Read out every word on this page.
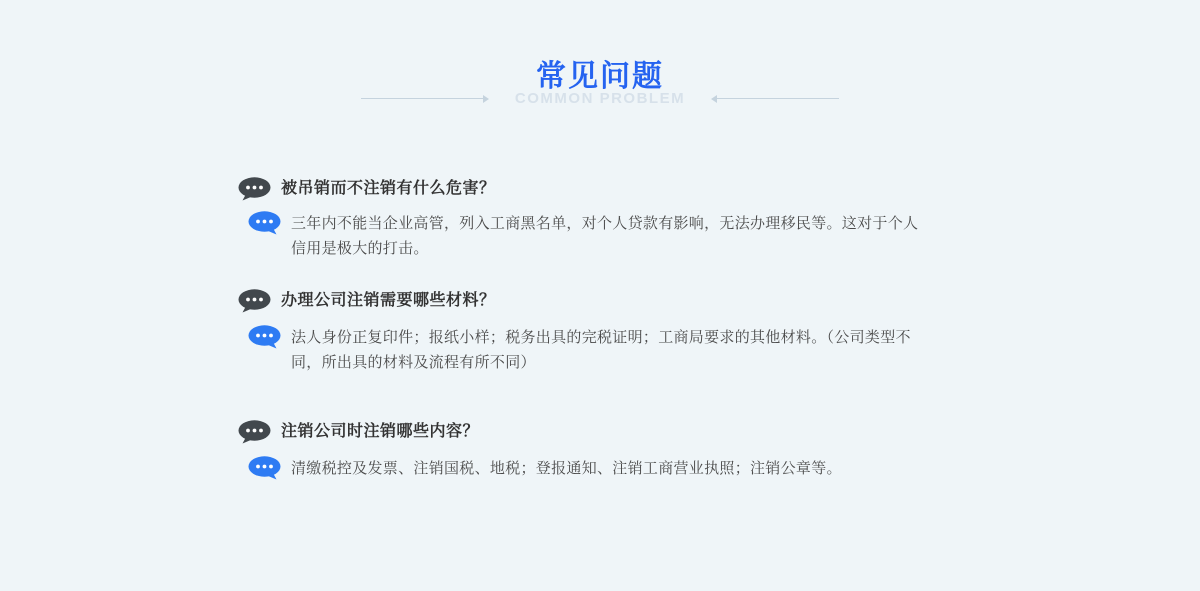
常见问题
COMMON PROBLEM
被吊销而不注销有什么危害？

三年内不能当企业高管，列入工商黑名单，对个人贷款有影响，无法办理移民等。这对于个人信用是极大的打击。

办理公司注销需要哪些材料？

法人身份正复印件；报纸小样；税务出具的完税证明；工商局要求的其他材料。（公司类型不同，所出具的材料及流程有所不同）

注销公司时注销哪些内容？

清缴税控及发票、注销国税、地税；登报通知、注销工商营业执照；注销公章等。
